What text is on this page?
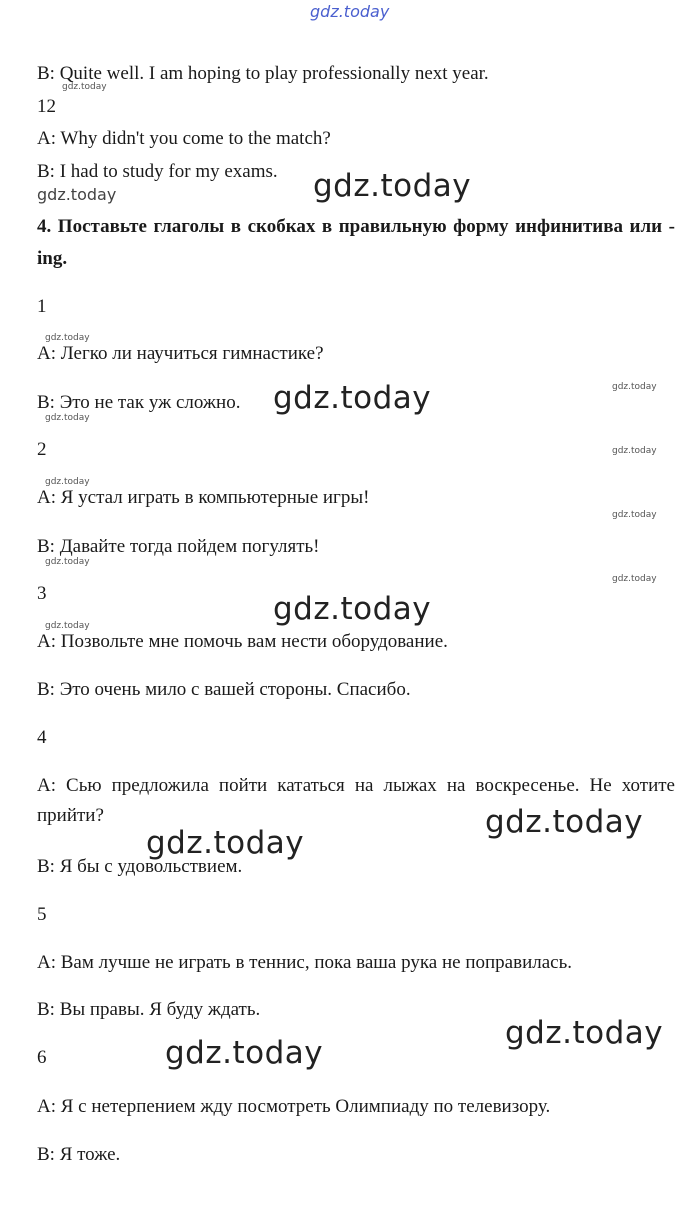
gdz.today
B: Quite well. I am hoping to play professionally next year.
12
gdz.today
A: Why didn't you come to the match?
B: I had to study for my exams.
gdz.today	gdz.today
4. Поставьте глаголы в скобках в правильную форму инфинитива или -ing.
1
gdz.today
A: Легко ли научиться гимнастике?
gdz.today
B: Это не так уж сложно. gdz.today
gdz.today
2	gdz.today
gdz.today
A: Я устал играть в компьютерные игры!
gdz.today
B: Давайте тогда пойдем погулять!
gdz.today
3
gdz.today
gdz.today
gdz.today
A: Позвольте мне помочь вам нести оборудование.
B: Это очень мило с вашей стороны. Спасибо.
4
A: Сью предложила пойти кататься на лыжах на воскресенье. Не хотите прийти?	gdz.today
gdz.today
B: Я бы с удовольствием.
5
A: Вам лучше не играть в теннис, пока ваша рука не поправилась.
B: Вы правы. Я буду ждать.
gdz.today
6	gdz.today
A: Я с нетерпением жду посмотреть Олимпиаду по телевизору.
B: Я тоже.
